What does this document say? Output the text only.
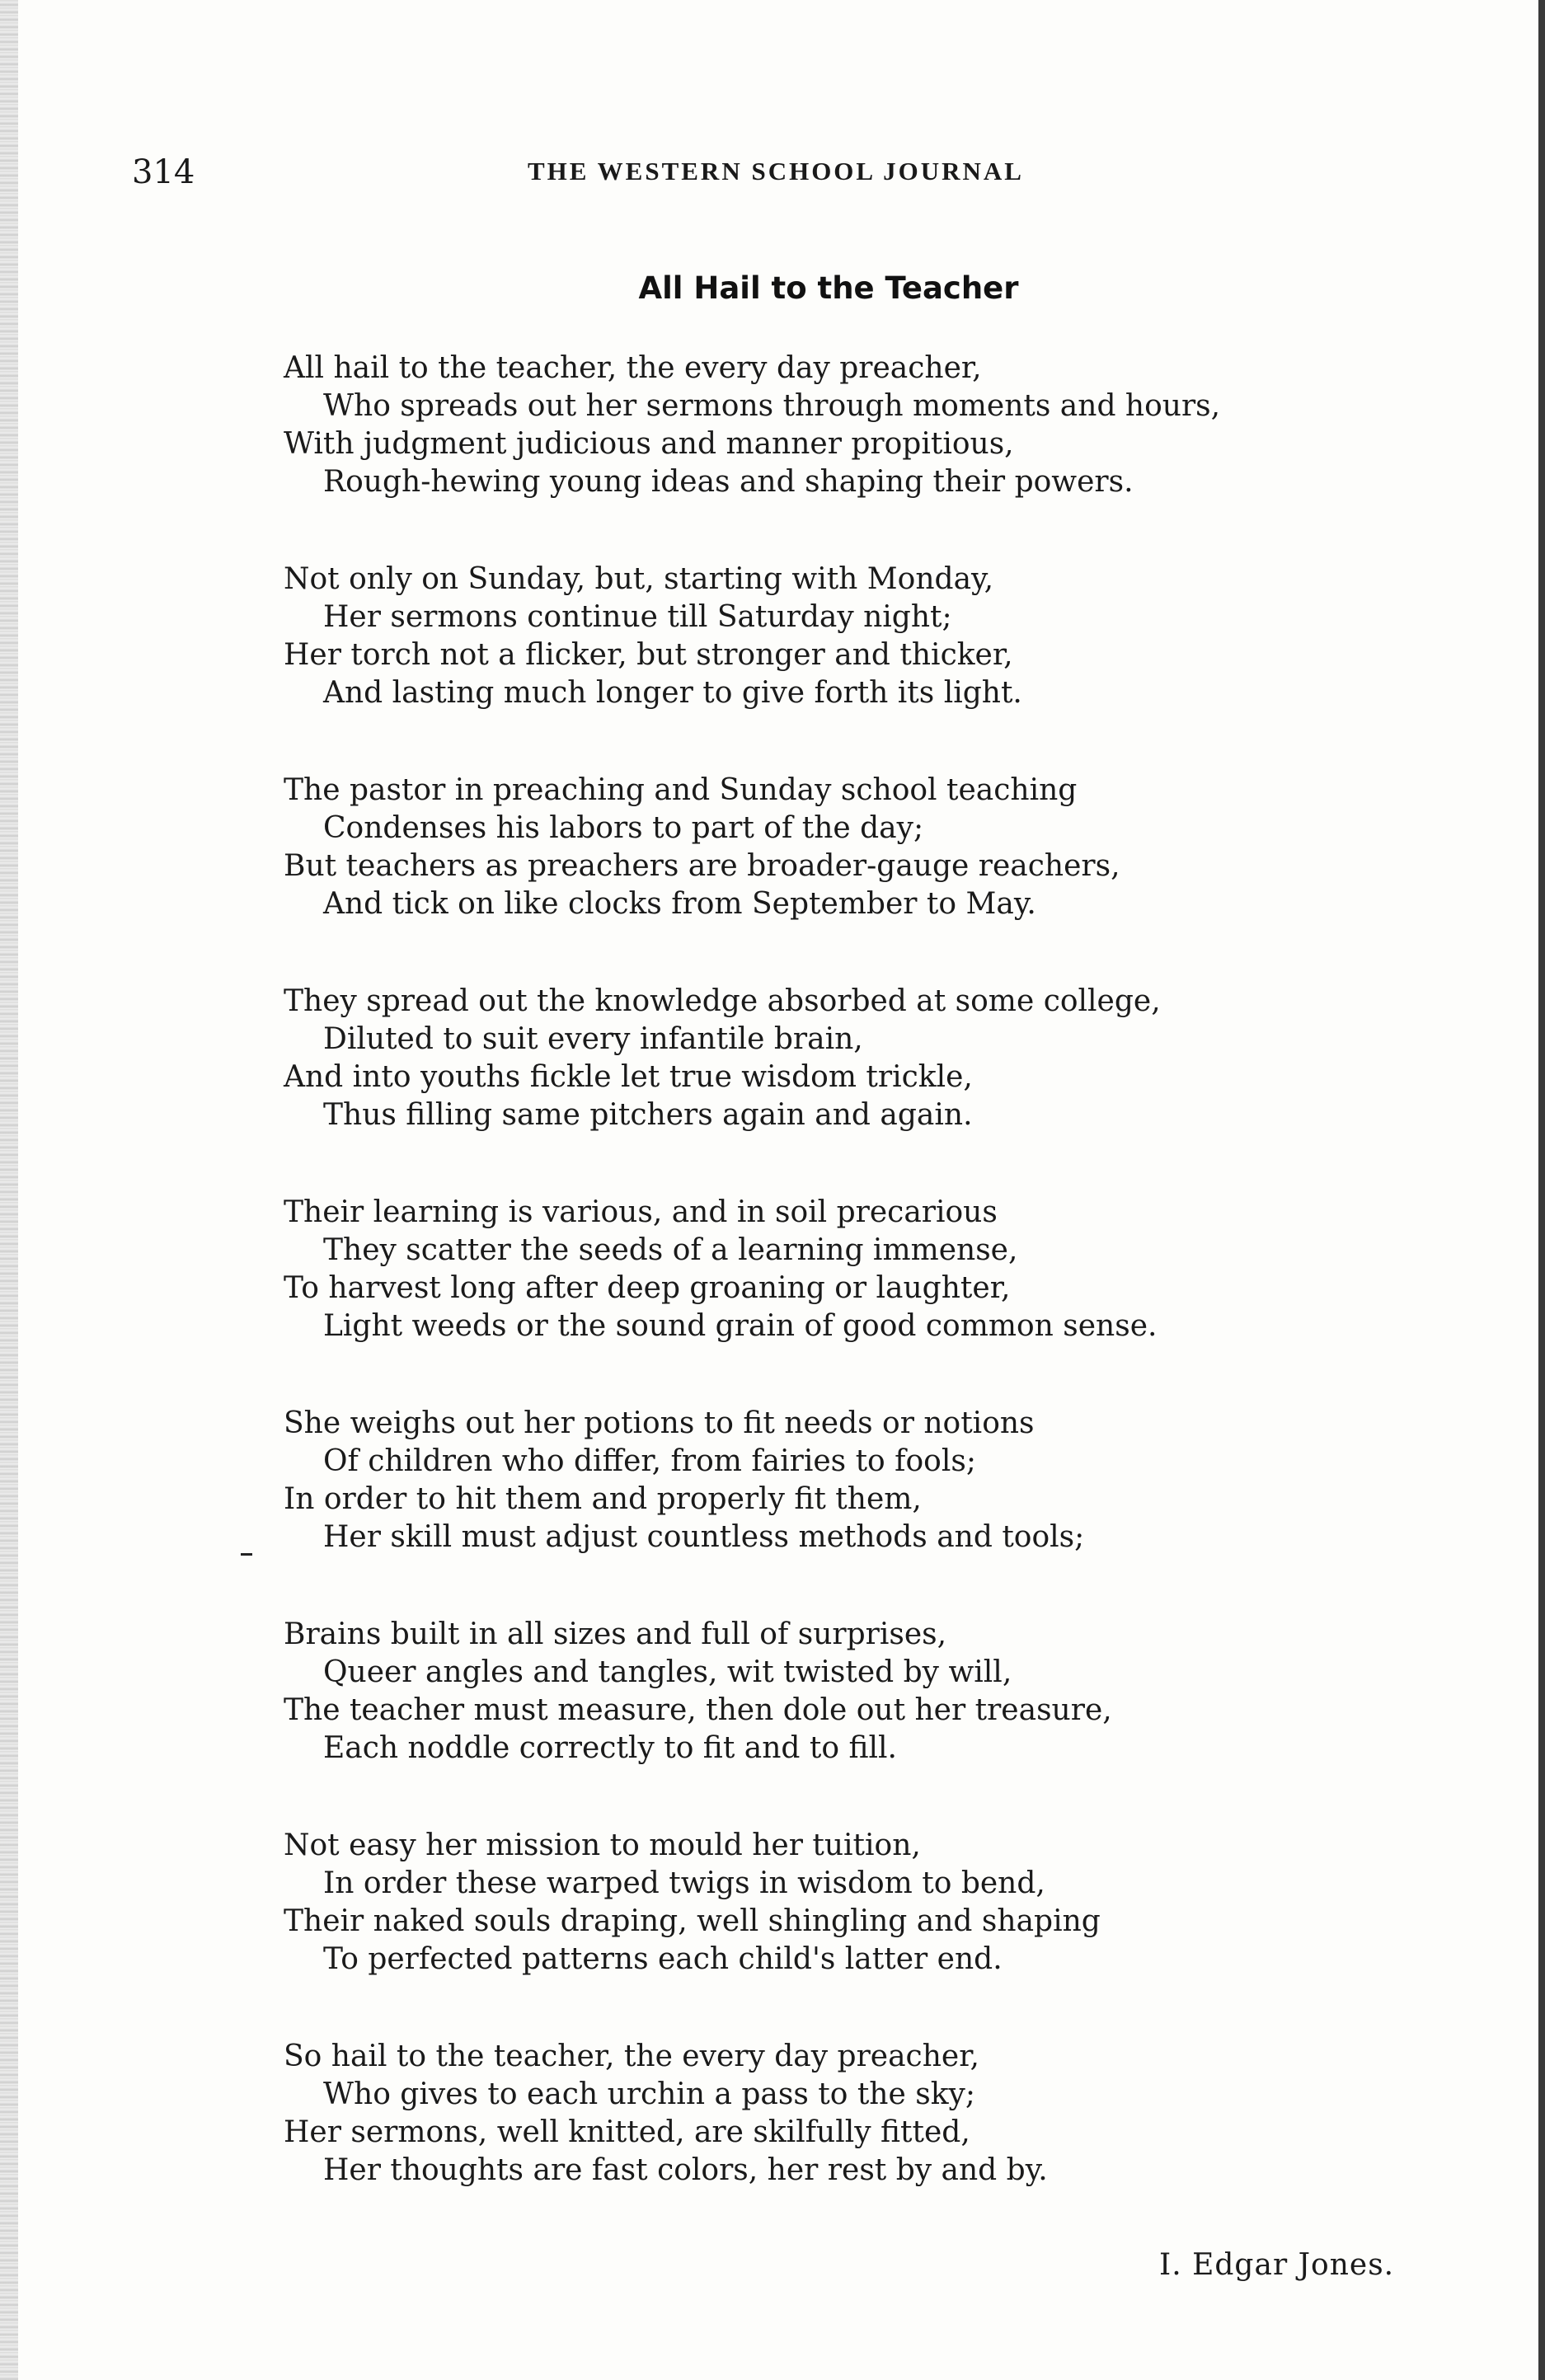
314	THE WESTERN SCHOOL JOURNAL
All Hail to the Teacher
All hail to the teacher, the every day preacher,
Who spreads out her sermons through moments and hours,
With judgment judicious and manner propitious,
Rough-hewing young ideas and shaping their powers.
Not only on Sunday, but, starting with Monday,
Her sermons continue till Saturday night;
Her torch not a flicker, but stronger and thicker,
And lasting much longer to give forth its light.
The pastor in preaching and Sunday school teaching
Condenses his labors to part of the day;
But teachers as preachers are broader-gauge reachers,
And tick on like clocks from September to May.
They spread out the knowledge absorbed at some college,
Diluted to suit every infantile brain,
And into youths fickle let true wisdom trickle,
Thus filling same pitchers again and again.
Their learning is various, and in soil precarious
They scatter the seeds of a learning immense,
To harvest long after deep groaning or laughter,
Light weeds or the sound grain of good common sense.
She weighs out her potions to fit needs or notions
Of children who differ, from fairies to fools;
In order to hit them and properly fit them,
Her skill must adjust countless methods and tools;
Brains built in all sizes and full of surprises,
Queer angles and tangles, wit twisted by will,
The teacher must measure, then dole out her treasure,
Each noddle correctly to fit and to fill.
Not easy her mission to mould her tuition,
In order these warped twigs in wisdom to bend,
Their naked souls draping, well shingling and shaping
To perfected patterns each child's latter end.
So hail to the teacher, the every day preacher,
Who gives to each urchin a pass to the sky;
Her sermons, well knitted, are skilfully fitted,
Her thoughts are fast colors, her rest by and by.
I. Edgar Jones.
